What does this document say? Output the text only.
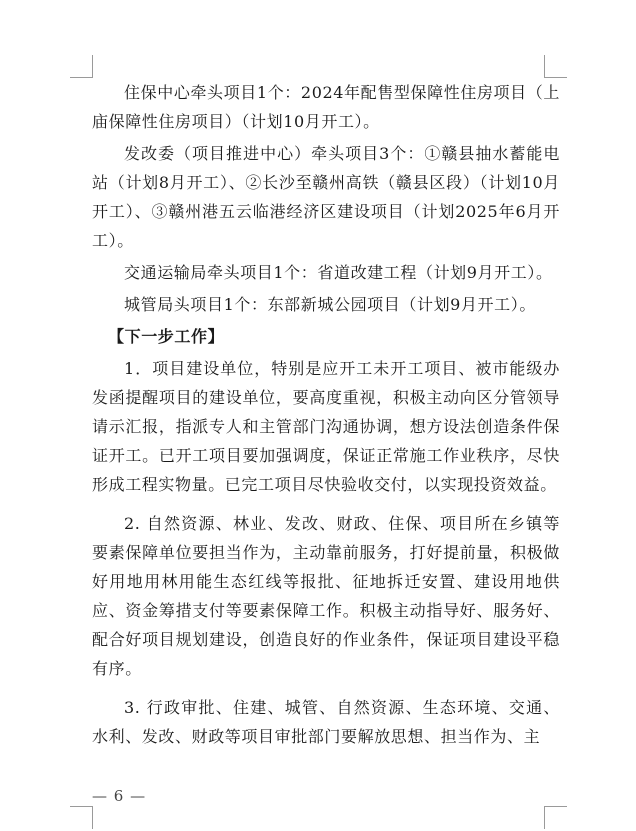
住保中心牵头项目1个：2024年配售型保障性住房项目（上庙保障性住房项目）（计划10月开工）。

发改委（项目推进中心）牵头项目3个：①赣县抽水蓄能电站（计划8月开工）、②长沙至赣州高铁（赣县区段）（计划10月开工）、③赣州港五云临港经济区建设项目（计划2025年6月开工）。

交通运输局牵头项目1个：省道改建工程（计划9月开工）。

城管局头项目1个：东部新城公园项目（计划9月开工）。

【下一步工作】

1．项目建设单位，特别是应开工未开工项目、被市能级办发函提醒项目的建设单位，要高度重视，积极主动向区分管领导请示汇报，指派专人和主管部门沟通协调，想方设法创造条件保证开工。已开工项目要加强调度，保证正常施工作业秩序，尽快形成工程实物量。已完工项目尽快验收交付，以实现投资效益。

2. 自然资源、林业、发改、财政、住保、项目所在乡镇等要素保障单位要担当作为，主动靠前服务，打好提前量，积极做好用地用林用能生态红线等报批、征地拆迁安置、建设用地供应、资金筹措支付等要素保障工作。积极主动指导好、服务好、配合好项目规划建设，创造良好的作业条件，保证项目建设平稳有序。

3. 行政审批、住建、城管、自然资源、生态环境、交通、水利、发改、财政等项目审批部门要解放思想、担当作为、主

— 6 —
